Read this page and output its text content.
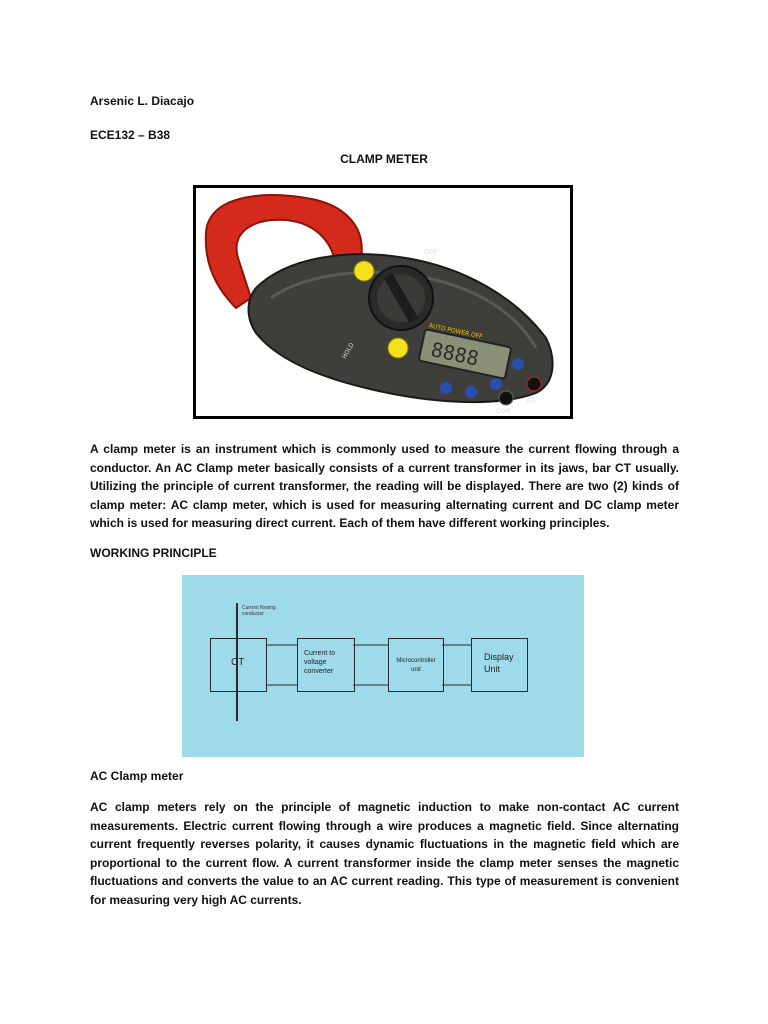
Arsenic L. Diacajo
ECE132 – B38
CLAMP METER
8888
OFF
HOLD
AUTO POWER OFF
COM
VΩ

A clamp meter is an instrument which is commonly used to measure the current flowing through a conductor. An AC Clamp meter basically consists of a current transformer in its jaws, bar CT usually. Utilizing the principle of current transformer, the reading will be displayed. There are two (2) kinds of clamp meter: AC clamp meter, which is used for measuring alternating current and DC clamp meter which is used for measuring direct current. Each of them have different working principles.

WORKING PRINCIPLE
Current flowing conductor
CT
Current to voltage converter
Microcontroller unit
Display Unit
AC Clamp meter

AC clamp meters rely on the principle of magnetic induction to make non-contact AC current measurements. Electric current flowing through a wire produces a magnetic field. Since alternating current frequently reverses polarity, it causes dynamic fluctuations in the magnetic field which are proportional to the current flow. A current transformer inside the clamp meter senses the magnetic fluctuations and converts the value to an AC current reading. This type of measurement is convenient for measuring very high AC currents.
